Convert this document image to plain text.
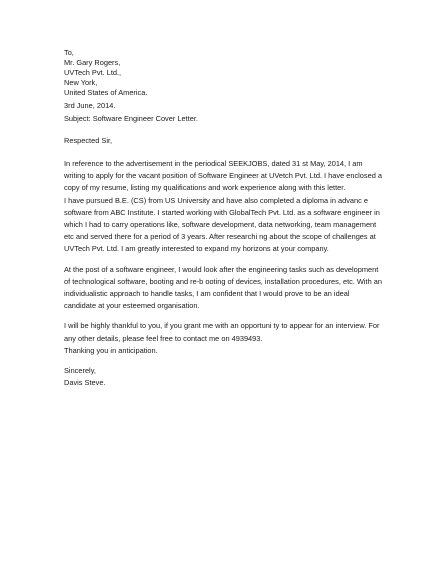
To,
Mr. Gary Rogers,
UVTech Pvt. Ltd.,
New York,
United States of America.
3rd June, 2014.
Subject: Software Engineer Cover Letter.
Respected Sir,
In reference to the advertisement in the periodical SEEKJOBS, dated 31 st May, 2014, I am
writing to apply for the vacant position of Software Engineer at UVetch Pvt. Ltd. I have enclosed a
copy of my resume, listing my qualifications and work experience along with this letter.
I have pursued B.E. (CS) from US University and have also completed a diploma in advanc e
software from ABC Institute. I started working with GlobalTech Pvt. Ltd. as a software engineer in
which I had to carry operations like, software development, data networking, team management
etc and served there for a period of 3 years. After researchi ng about the scope of challenges at
UVTech Pvt. Ltd. I am greatly interested to expand my horizons at your company.
At the post of a software engineer, I would look after the engineering tasks such as development
of technological software, booting and re-b ooting of devices, installation procedures, etc. With an
individualistic approach to handle tasks, I am confident that I would prove to be an ideal
candidate at your esteemed organisation.
I will be highly thankful to you, if you grant me with an opportuni ty to appear for an interview. For
any other details, please feel free to contact me on 4939493.
Thanking you in anticipation.
Sincerely,
Davis Steve.
